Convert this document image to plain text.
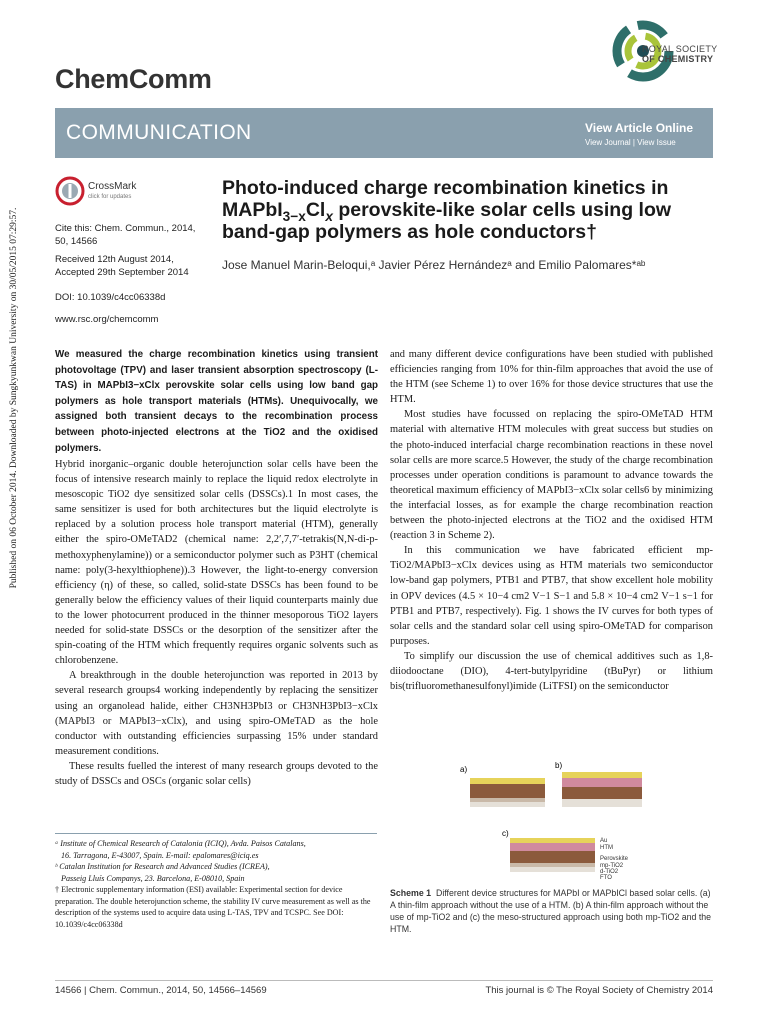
Published on 06 October 2014. Downloaded by Sungkyunkwan University on 30/05/2015 07:29:57.
ChemComm
ROYAL SOCIETY
OF CHEMISTRY
COMMUNICATION	View Article Online
View Journal | View Issue
CrossMark
click for updates
Cite this: Chem. Commun., 2014, 50, 14566
Received 12th August 2014,
Accepted 29th September 2014
DOI: 10.1039/c4cc06338d
www.rsc.org/chemcomm
Photo-induced charge recombination kinetics in $MAPbI_{3-x}Cl_x$ perovskite-like solar cells using low band-gap polymers as hole conductors†
Jose Manuel Marin-Beloqui,ᵃ Javier Pérez Hernándezᵃ and Emilio Palomares*ᵃᵇ
We measured the charge recombination kinetics using transient photovoltage (TPV) and laser transient absorption spectroscopy (L-TAS) in MAPbI3−xClx perovskite solar cells using low band gap polymers as hole transport materials (HTMs). Unequivocally, we assigned both transient decays to the recombination process between photo-injected electrons at the TiO2 and the oxidised polymers.

Hybrid inorganic–organic double heterojunction solar cells have been the focus of intensive research mainly to replace the liquid redox electrolyte in mesoscopic TiO2 dye sensitized solar cells (DSSCs).1 In most cases, the same sensitizer is used for both architectures but the liquid electrolyte is replaced by a solution process hole transport material (HTM), generally either the spiro-OMeTAD2 (chemical name: 2,2′,7,7′-tetrakis(N,N-di-p-methoxyphenylamine)) or a semiconductor polymer such as P3HT (chemical name: poly(3-hexylthiophene)).3 However, the light-to-energy conversion efficiency (η) of these, so called, solid-state DSSCs has been found to be generally below the efficiency values of their liquid counterparts mainly due to the lower photocurrent produced in the thinner mesoporous TiO2 layers needed for solid-state DSSCs or the desorption of the sensitizer after the spin-coating of the HTM which frequently requires organic solvents such as chlorobenzene.

A breakthrough in the double heterojunction was reported in 2013 by several research groups4 working independently by replacing the sensitizer using an organolead halide, either CH3NH3PbI3 or CH3NH3PbI3−xClx (MAPbI3 or MAPbI3−xClx), and using spiro-OMeTAD as the hole conductor with outstanding efficiencies surpassing 15% under standard measurement conditions.

These results fuelled the interest of many research groups devoted to the study of DSSCs and OSCs (organic solar cells)

and many different device configurations have been studied with published efficiencies ranging from 10% for thin-film approaches that avoid the use of the HTM (see Scheme 1) to over 16% for those device structures that use the HTM.

Most studies have focussed on replacing the spiro-OMeTAD HTM material with alternative HTM molecules with great success but studies on the photo-induced interfacial charge recombination reactions in these novel solar cells are more scarce.5 However, the study of the charge recombination processes under operation conditions is paramount to advance towards the theoretical maximum efficiency of MAPbI3−xClx solar cells6 by minimizing the interfacial losses, as for example the charge recombination reaction between the photo-injected electrons at the TiO2 and the oxidised HTM (reaction 3 in Scheme 2).

In this communication we have fabricated efficient mp-TiO2/MAPbI3−xClx devices using as HTM materials two semiconductor low-band gap polymers, PTB1 and PTB7, that show excellent hole mobility in OPV devices (4.5 × 10−4 cm2 V−1 S−1 and 5.8 × 10−4 cm2 V−1 s−1 for PTB1 and PTB7, respectively). Fig. 1 shows the IV curves for both types of solar cells and the standard solar cell using spiro-OMeTAD for comparison purposes.

To simplify our discussion the use of chemical additives such as 1,8-diiodooctane (DIO), 4-tert-butylpyridine (tBuPyr) or lithium bis(trifluoromethanesulfonyl)imide (LiTFSI) on the semiconductor

ᵃ Institute of Chemical Research of Catalonia (ICIQ), Avda. Paisos Catalans,
16. Tarragona, E-43007, Spain. E-mail: epalomares@iciq.es
ᵇ Catalan Institution for Research and Advanced Studies (ICREA),
Passeig Lluís Companys, 23. Barcelona, E-08010, Spain
† Electronic supplementary information (ESI) available: Experimental section for device preparation. The double heterojunction scheme, the stability IV curve measurement as well as the description of the systems used to acquire data using L-TAS, TPV and TCSPC. See DOI: 10.1039/c4cc06338d
a)	b)
c)
Au
HTM
Perovskite
mp-TiO2
d-TiO2
FTO
Scheme 1 Different device structures for MAPbI or MAPbICl based solar cells. (a) A thin-film approach without the use of a HTM. (b) A thin-film approach without the use of mp-TiO2 and (c) the meso-structured approach using both mp-TiO2 and the HTM.
14566 | Chem. Commun., 2014, 50, 14566–14569	This journal is © The Royal Society of Chemistry 2014
